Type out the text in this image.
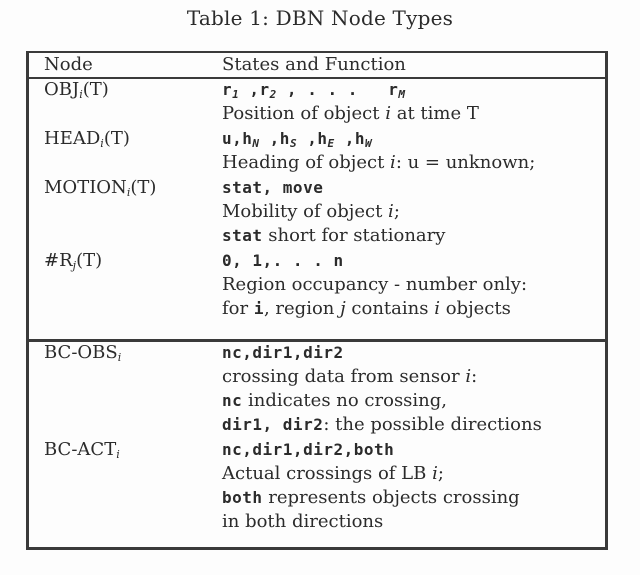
Table 1: DBN Node Types
Node	States and Function
$OBJ_i(T)$	$r_1$ $,r_2$ , . . .   $r_M$
Position of object i at time T
$HEAD_i(T)$	$u,h_N$ $,h_S$ $,h_E$ $,h_W$
Heading of object i: u = unknown;
$MOTION_i(T)$	stat, move
Mobility of object i;
stat short for stationary
$\#R_j(T)$	0, 1,. . . n
Region occupancy - number only:
for i, region j contains i objects
$BC-OBS_i$	nc,dir1,dir2
crossing data from sensor i:
nc indicates no crossing,
dir1, dir2: the possible directions
$BC-ACT_i$	nc,dir1,dir2,both
Actual crossings of LB i;
both represents objects crossing
in both directions
